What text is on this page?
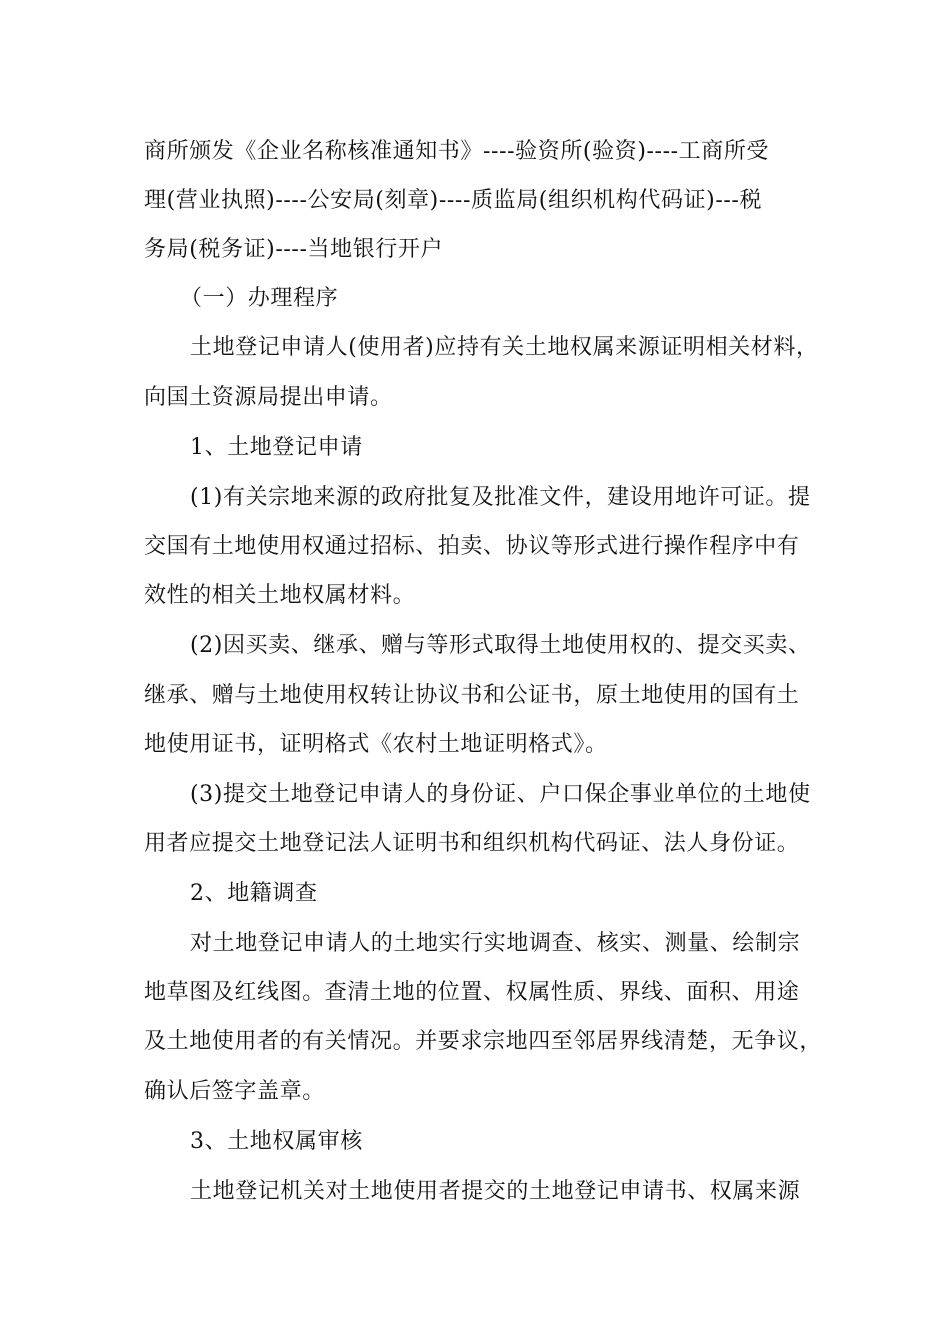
商所颁发《企业名称核准通知书》----验资所(验资)----工商所受
理(营业执照)----公安局(刻章)----质监局(组织机构代码证)---税
务局(税务证)----当地银行开户
（一）办理程序
土地登记申请人(使用者)应持有关土地权属来源证明相关材料，
向国土资源局提出申请。
1、土地登记申请
(1)有关宗地来源的政府批复及批准文件，建设用地许可证。提
交国有土地使用权通过招标、拍卖、协议等形式进行操作程序中有
效性的相关土地权属材料。
(2)因买卖、继承、赠与等形式取得土地使用权的、提交买卖、
继承、赠与土地使用权转让协议书和公证书，原土地使用的国有土
地使用证书，证明格式《农村土地证明格式》。
(3)提交土地登记申请人的身份证、户口保企事业单位的土地使
用者应提交土地登记法人证明书和组织机构代码证、法人身份证。
2、地籍调查
对土地登记申请人的土地实行实地调查、核实、测量、绘制宗
地草图及红线图。查清土地的位置、权属性质、界线、面积、用途
及土地使用者的有关情况。并要求宗地四至邻居界线清楚，无争议，
确认后签字盖章。
3、土地权属审核
土地登记机关对土地使用者提交的土地登记申请书、权属来源
